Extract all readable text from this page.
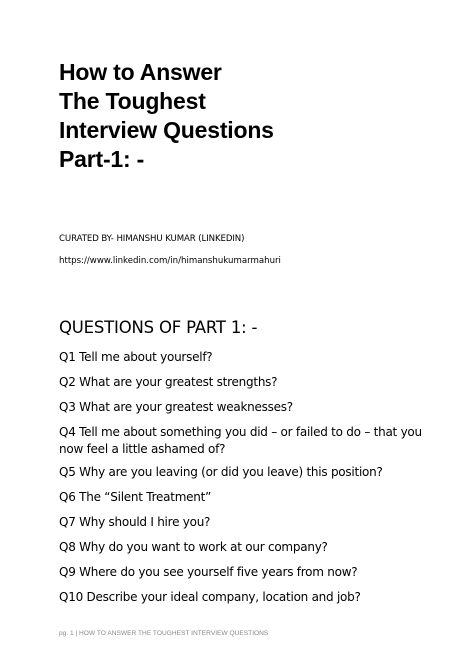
How to Answer
The Toughest
Interview Questions
Part-1: -
CURATED BY- HIMANSHU KUMAR (LINKEDIN)
https://www.linkedin.com/in/himanshukumarmahuri
QUESTIONS OF PART 1: -
Q1 Tell me about yourself?
Q2 What are your greatest strengths?
Q3 What are your greatest weaknesses?
Q4 Tell me about something you did – or failed to do – that you now feel a little ashamed of?
Q5 Why are you leaving (or did you leave) this position?
Q6 The “Silent Treatment”
Q7 Why should I hire you?
Q8 Why do you want to work at our company?
Q9 Where do you see yourself five years from now?
Q10 Describe your ideal company, location and job?
pg. 1 | HOW TO ANSWER THE TOUGHEST INTERVIEW QUESTIONS
